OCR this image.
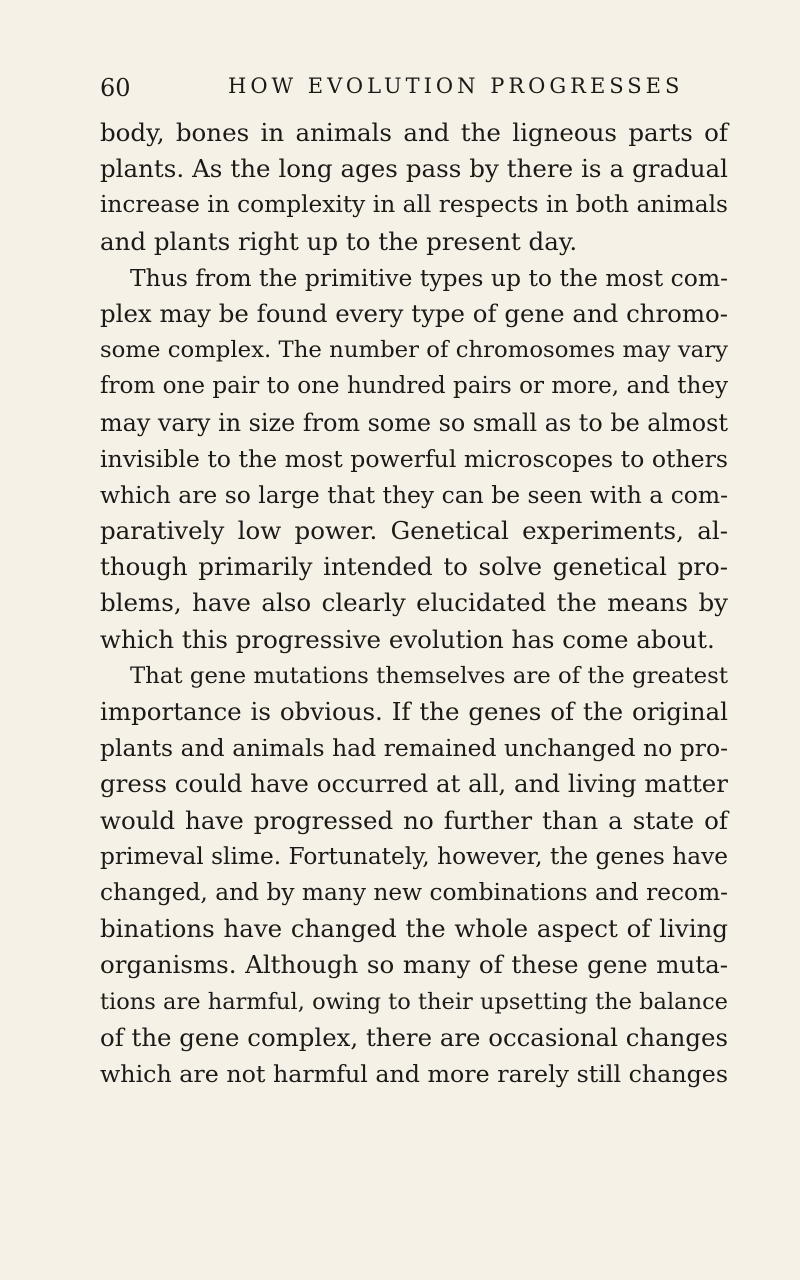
60	HOW EVOLUTION PROGRESSES
body, bones in animals and the ligneous parts of
plants. As the long ages pass by there is a gradual
increase in complexity in all respects in both animals
and plants right up to the present day.
Thus from the primitive types up to the most com-
plex may be found every type of gene and chromo-
some complex. The number of chromosomes may vary
from one pair to one hundred pairs or more, and they
may vary in size from some so small as to be almost
invisible to the most powerful microscopes to others
which are so large that they can be seen with a com-
paratively low power. Genetical experiments, al-
though primarily intended to solve genetical pro-
blems, have also clearly elucidated the means by
which this progressive evolution has come about.
That gene mutations themselves are of the greatest
importance is obvious. If the genes of the original
plants and animals had remained unchanged no pro-
gress could have occurred at all, and living matter
would have progressed no further than a state of
primeval slime. Fortunately, however, the genes have
changed, and by many new combinations and recom-
binations have changed the whole aspect of living
organisms. Although so many of these gene muta-
tions are harmful, owing to their upsetting the balance
of the gene complex, there are occasional changes
which are not harmful and more rarely still changes
